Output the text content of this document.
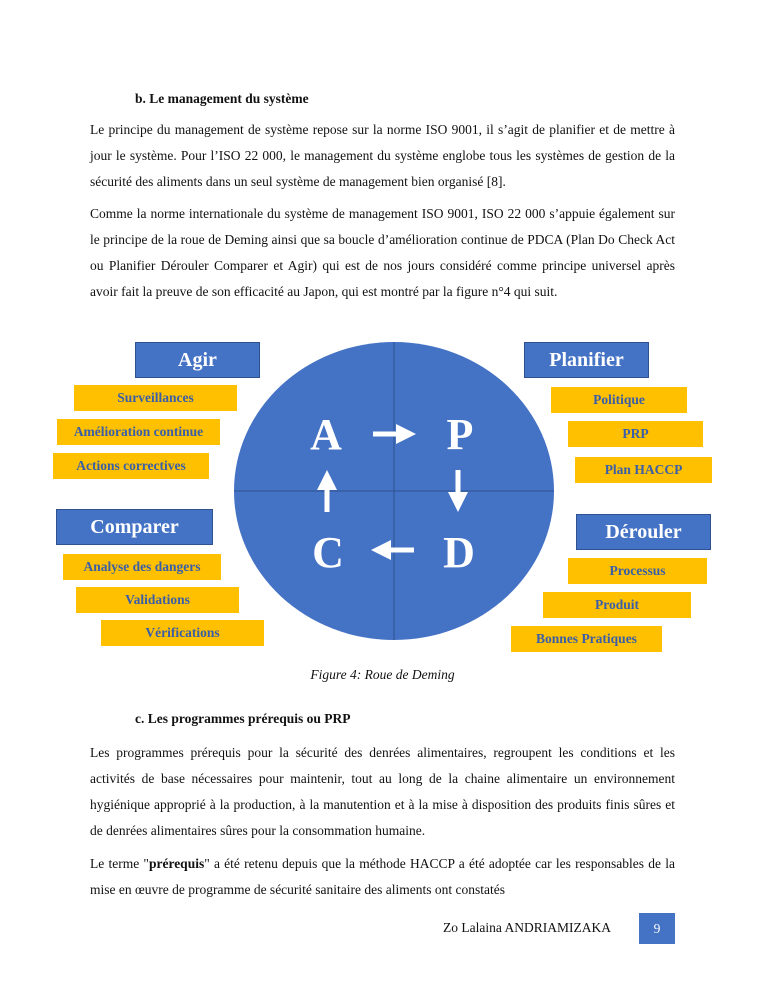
b. Le management du système
Le principe du management de système repose sur la norme ISO 9001, il s’agit de planifier et de mettre à jour le système. Pour l’ISO 22 000, le management du système englobe tous les systèmes de gestion de la sécurité des aliments dans un seul système de management bien organisé [8].
Comme la norme internationale du système de management ISO 9001, ISO 22 000 s’appuie également sur le principe de la roue de Deming ainsi que sa boucle d’amélioration continue de PDCA (Plan Do Check Act ou Planifier Dérouler Comparer et Agir) qui est de nos jours considéré comme principe universel après avoir fait la preuve de son efficacité au Japon, qui est montré par la figure n°4 qui suit.
A P
C D
Agir
Surveillances
Amélioration continue
Actions correctives
Planifier
Politique
PRP
Plan HACCP
Comparer
Analyse des dangers
Validations
Vérifications
Dérouler
Processus
Produit
Bonnes Pratiques
Figure 4: Roue de Deming
c. Les programmes prérequis ou PRP
Les programmes prérequis pour la sécurité des denrées alimentaires, regroupent les conditions et les activités de base nécessaires pour maintenir, tout au long de la chaine alimentaire un environnement hygiénique approprié à la production, à la manutention et à la mise à disposition des produits finis sûres et de denrées alimentaires sûres pour la consommation humaine.
Le terme "prérequis" a été retenu depuis que la méthode HACCP a été adoptée car les responsables de la mise en œuvre de programme de sécurité sanitaire des aliments ont constatés
Zo Lalaina ANDRIAMIZAKA	9
